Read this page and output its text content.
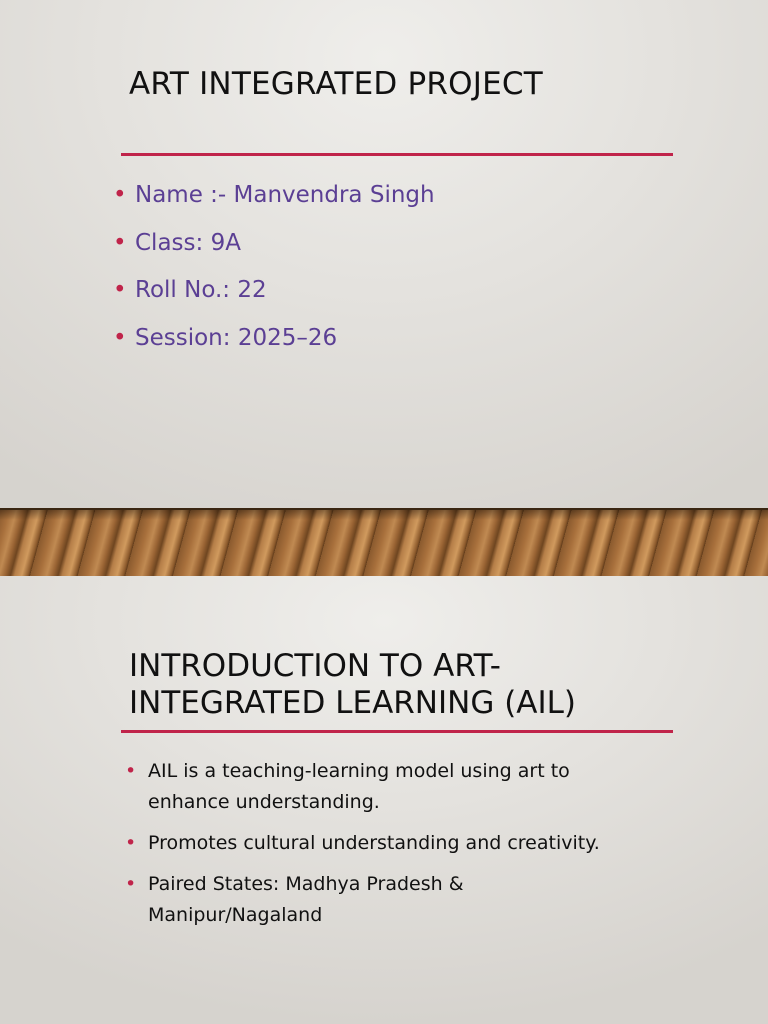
ART INTEGRATED PROJECT
• Name :- Manvendra Singh
• Class: 9A
• Roll No.: 22
• Session: 2025–26
INTRODUCTION TO ART-
INTEGRATED LEARNING (AIL)
• AIL is a teaching-learning model using art to
enhance understanding.
• Promotes cultural understanding and creativity.
• Paired States: Madhya Pradesh &
Manipur/Nagaland
